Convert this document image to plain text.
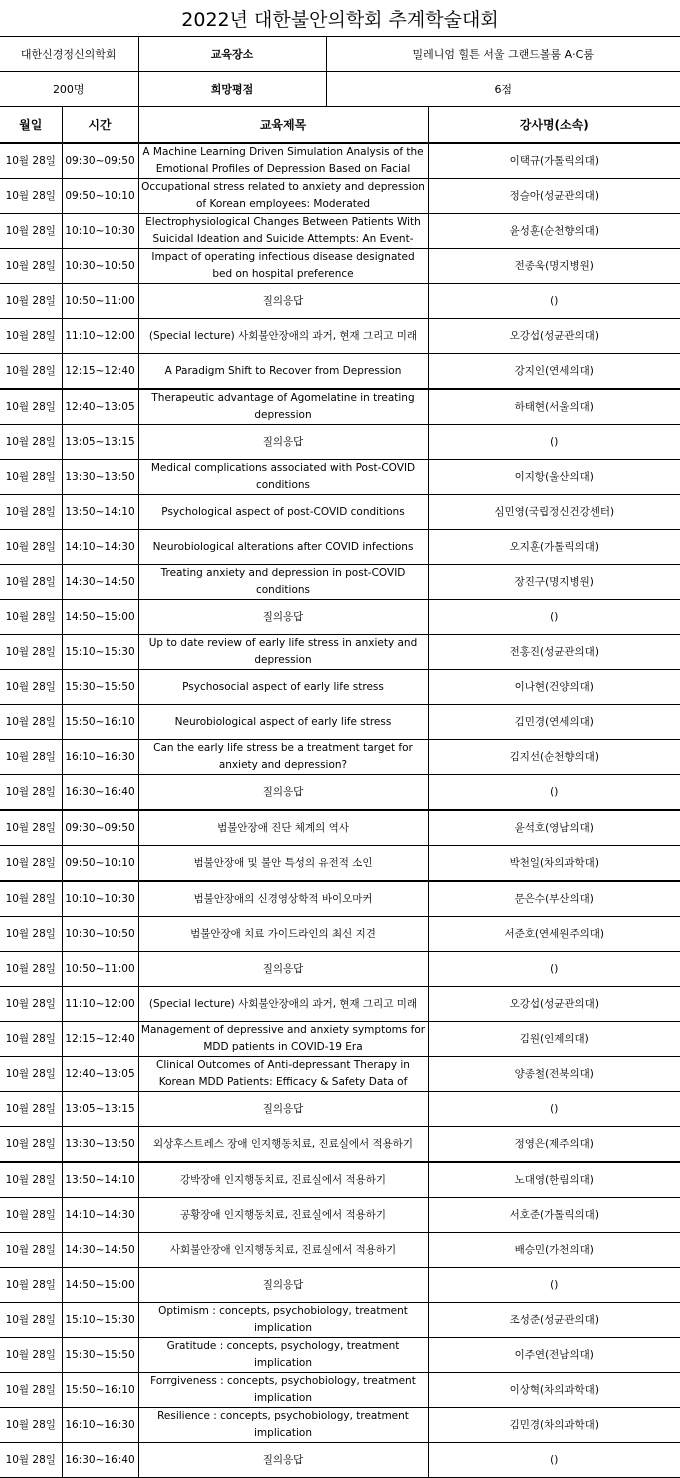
2022년 대한불안의학회 추계학술대회
대한신경정신의학회	교육장소	밀레니엄 힐튼 서울 그랜드볼룸 A·C룸
200명	희망평점	6점
월일	시간	교육제목	강사명(소속)

10월 28일	09:30~09:50	A Machine Learning Driven Simulation Analysis of the Emotional Profiles of Depression Based on Facial	이택규(가톨릭의대)

10월 28일	09:50~10:10	Occupational stress related to anxiety and depression of Korean employees: Moderated	정슬아(성균관의대)

10월 28일	10:10~10:30	Electrophysiological Changes Between Patients With Suicidal Ideation and Suicide Attempts: An Event-	윤성훈(순천향의대)

10월 28일	10:30~10:50	Impact of operating infectious disease designated bed on hospital preference	전종욱(명지병원)

10월 28일	10:50~11:00	질의응답	()

10월 28일	11:10~12:00	(Special lecture) 사회불안장애의 과거, 현재 그리고 미래	오강섭(성균관의대)

10월 28일	12:15~12:40	A Paradigm Shift to Recover from Depression	강지인(연세의대)

10월 28일	12:40~13:05	Therapeutic advantage of Agomelatine in treating depression	하태현(서울의대)

10월 28일	13:05~13:15	질의응답	()

10월 28일	13:30~13:50	Medical complications associated with Post-COVID conditions	이지항(울산의대)

10월 28일	13:50~14:10	Psychological aspect of post-COVID conditions	심민영(국립정신건강센터)

10월 28일	14:10~14:30	Neurobiological alterations after COVID infections	오지훈(가톨릭의대)

10월 28일	14:30~14:50	Treating anxiety and depression in post-COVID conditions	장진구(명지병원)

10월 28일	14:50~15:00	질의응답	()

10월 28일	15:10~15:30	Up to date review of early life stress in anxiety and depression	전홍진(성균관의대)

10월 28일	15:30~15:50	Psychosocial aspect of early life stress	이나현(건양의대)

10월 28일	15:50~16:10	Neurobiological aspect of early life stress	김민경(연세의대)

10월 28일	16:10~16:30	Can the early life stress be a treatment target for anxiety and depression?	김지선(순천향의대)

10월 28일	16:30~16:40	질의응답	()

10월 28일	09:30~09:50	범불안장애 진단 체계의 역사	윤석호(영남의대)

10월 28일	09:50~10:10	범불안장애 및 불안 특성의 유전적 소인	박천일(차의과학대)

10월 28일	10:10~10:30	범불안장애의 신경영상학적 바이오마커	문은수(부산의대)

10월 28일	10:30~10:50	범불안장애 치료 가이드라인의 최신 지견	서준호(연세원주의대)

10월 28일	10:50~11:00	질의응답	()

10월 28일	11:10~12:00	(Special lecture) 사회불안장애의 과거, 현재 그리고 미래	오강섭(성균관의대)

10월 28일	12:15~12:40	Management of depressive and anxiety symptoms for MDD patients in COVID-19 Era	김원(인제의대)

10월 28일	12:40~13:05	Clinical Outcomes of Anti-depressant Therapy in Korean MDD Patients: Efficacy & Safety Data of	양종철(전북의대)

10월 28일	13:05~13:15	질의응답	()

10월 28일	13:30~13:50	외상후스트레스 장애 인지행동치료, 진료실에서 적용하기	정영은(제주의대)

10월 28일	13:50~14:10	강박장애 인지행동치료, 진료실에서 적용하기	노대영(한림의대)

10월 28일	14:10~14:30	공황장애 인지행동치료, 진료실에서 적용하기	서호준(가톨릭의대)

10월 28일	14:30~14:50	사회불안장애 인지행동치료, 진료실에서 적용하기	배승민(가천의대)

10월 28일	14:50~15:00	질의응답	()

10월 28일	15:10~15:30	Optimism : concepts, psychobiology, treatment implication	조성준(성균관의대)

10월 28일	15:30~15:50	Gratitude : concepts, psychology, treatment implication	이주연(전남의대)

10월 28일	15:50~16:10	Forrgiveness : concepts, psychobiology, treatment implication	이상혁(차의과학대)

10월 28일	16:10~16:30	Resilience : concepts, psychobiology, treatment implication	김민경(차의과학대)

10월 28일	16:30~16:40	질의응답	()
